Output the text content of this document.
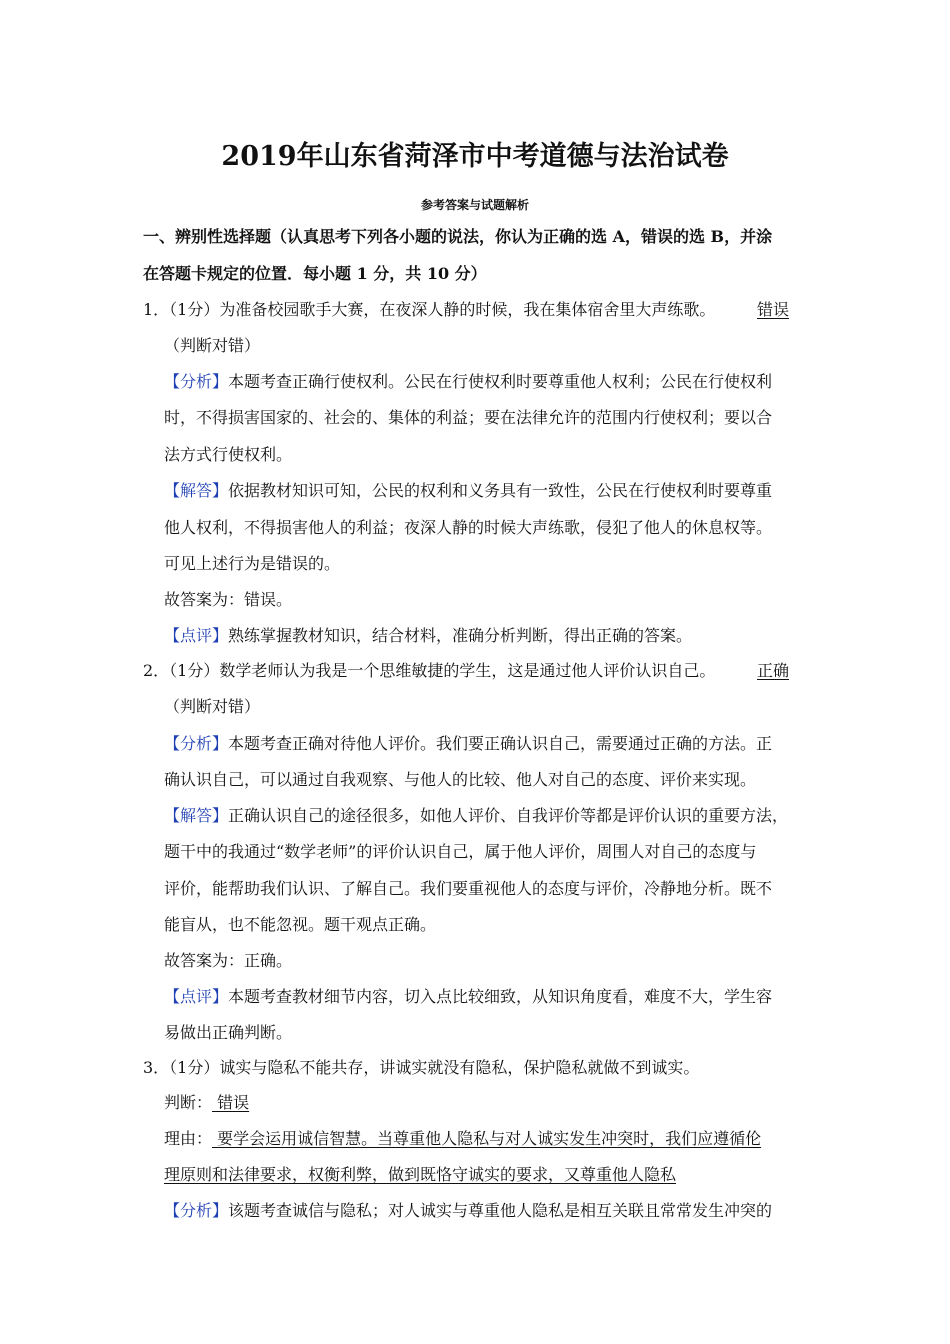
2019年山东省菏泽市中考道德与法治试卷
参考答案与试题解析
一、辨别性选择题（认真思考下列各小题的说法，你认为正确的选 A，错误的选 B，并涂
在答题卡规定的位置．每小题 1 分，共 10 分）
1．（1分）为准备校园歌手大赛，在夜深人静的时候，我在集体宿舍里大声练歌。	错误
（判断对错）
【分析】本题考查正确行使权利。公民在行使权利时要尊重他人权利；公民在行使权利
时，不得损害国家的、社会的、集体的利益；要在法律允许的范围内行使权利；要以合
法方式行使权利。
【解答】依据教材知识可知，公民的权利和义务具有一致性，公民在行使权利时要尊重
他人权利，不得损害他人的利益；夜深人静的时候大声练歌，侵犯了他人的休息权等。
可见上述行为是错误的。
故答案为：错误。
【点评】熟练掌握教材知识，结合材料，准确分析判断，得出正确的答案。
2．（1分）数学老师认为我是一个思维敏捷的学生，这是通过他人评价认识自己。	正确
（判断对错）
【分析】本题考查正确对待他人评价。我们要正确认识自己，需要通过正确的方法。正
确认识自己，可以通过自我观察、与他人的比较、他人对自己的态度、评价来实现。
【解答】正确认识自己的途径很多，如他人评价、自我评价等都是评价认识的重要方法，
题干中的我通过“数学老师”的评价认识自己，属于他人评价，周围人对自己的态度与
评价，能帮助我们认识、了解自己。我们要重视他人的态度与评价，冷静地分析。既不
能盲从，也不能忽视。题干观点正确。
故答案为：正确。
【点评】本题考查教材细节内容，切入点比较细致，从知识角度看，难度不大，学生容
易做出正确判断。
3．（1分）诚实与隐私不能共存，讲诚实就没有隐私，保护隐私就做不到诚实。
判断： 错误
理由： 要学会运用诚信智慧。当尊重他人隐私与对人诚实发生冲突时，我们应遵循伦
理原则和法律要求，权衡利弊，做到既恪守诚实的要求，又尊重他人隐私
【分析】该题考查诚信与隐私；对人诚实与尊重他人隐私是相互关联且常常发生冲突的
